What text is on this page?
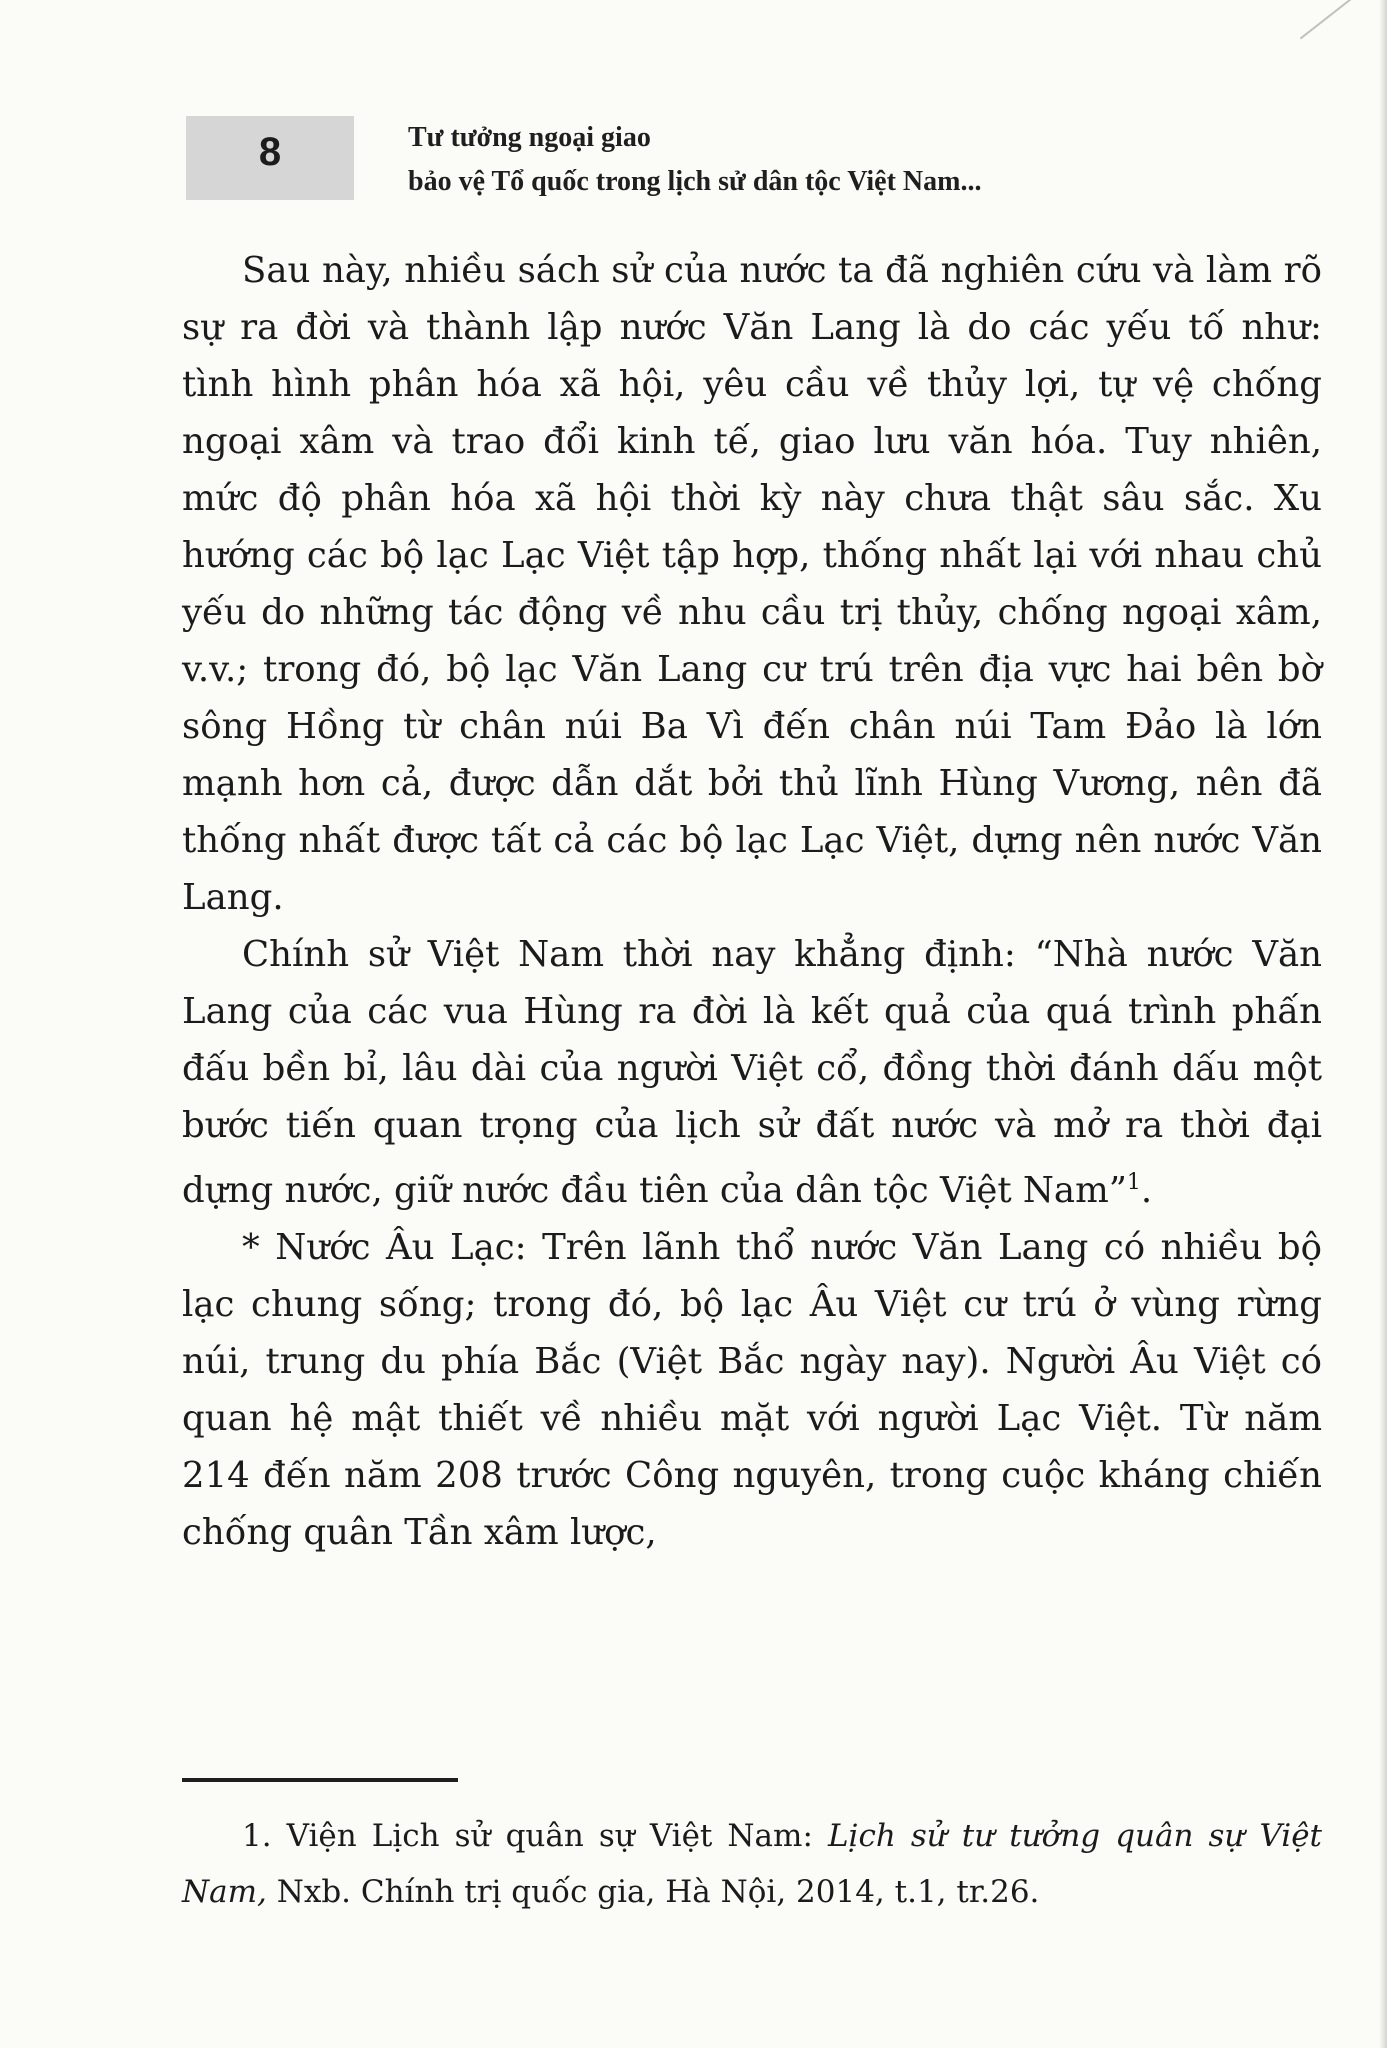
8	Tư tưởng ngoại giao
bảo vệ Tổ quốc trong lịch sử dân tộc Việt Nam...

Sau này, nhiều sách sử của nước ta đã nghiên cứu và làm rõ sự ra đời và thành lập nước Văn Lang là do các yếu tố như: tình hình phân hóa xã hội, yêu cầu về thủy lợi, tự vệ chống ngoại xâm và trao đổi kinh tế, giao lưu văn hóa. Tuy nhiên, mức độ phân hóa xã hội thời kỳ này chưa thật sâu sắc. Xu hướng các bộ lạc Lạc Việt tập hợp, thống nhất lại với nhau chủ yếu do những tác động về nhu cầu trị thủy, chống ngoại xâm, v.v.; trong đó, bộ lạc Văn Lang cư trú trên địa vực hai bên bờ sông Hồng từ chân núi Ba Vì đến chân núi Tam Đảo là lớn mạnh hơn cả, được dẫn dắt bởi thủ lĩnh Hùng Vương, nên đã thống nhất được tất cả các bộ lạc Lạc Việt, dựng nên nước Văn Lang.

Chính sử Việt Nam thời nay khẳng định: “Nhà nước Văn Lang của các vua Hùng ra đời là kết quả của quá trình phấn đấu bền bỉ, lâu dài của người Việt cổ, đồng thời đánh dấu một bước tiến quan trọng của lịch sử đất nước và mở ra thời đại dựng nước, giữ nước đầu tiên của dân tộc Việt Nam”$^1$.

* Nước Âu Lạc: Trên lãnh thổ nước Văn Lang có nhiều bộ lạc chung sống; trong đó, bộ lạc Âu Việt cư trú ở vùng rừng núi, trung du phía Bắc (Việt Bắc ngày nay). Người Âu Việt có quan hệ mật thiết về nhiều mặt với người Lạc Việt. Từ năm 214 đến năm 208 trước Công nguyên, trong cuộc kháng chiến chống quân Tần xâm lược,

1. Viện Lịch sử quân sự Việt Nam: Lịch sử tư tưởng quân sự Việt Nam, Nxb. Chính trị quốc gia, Hà Nội, 2014, t.1, tr.26.
